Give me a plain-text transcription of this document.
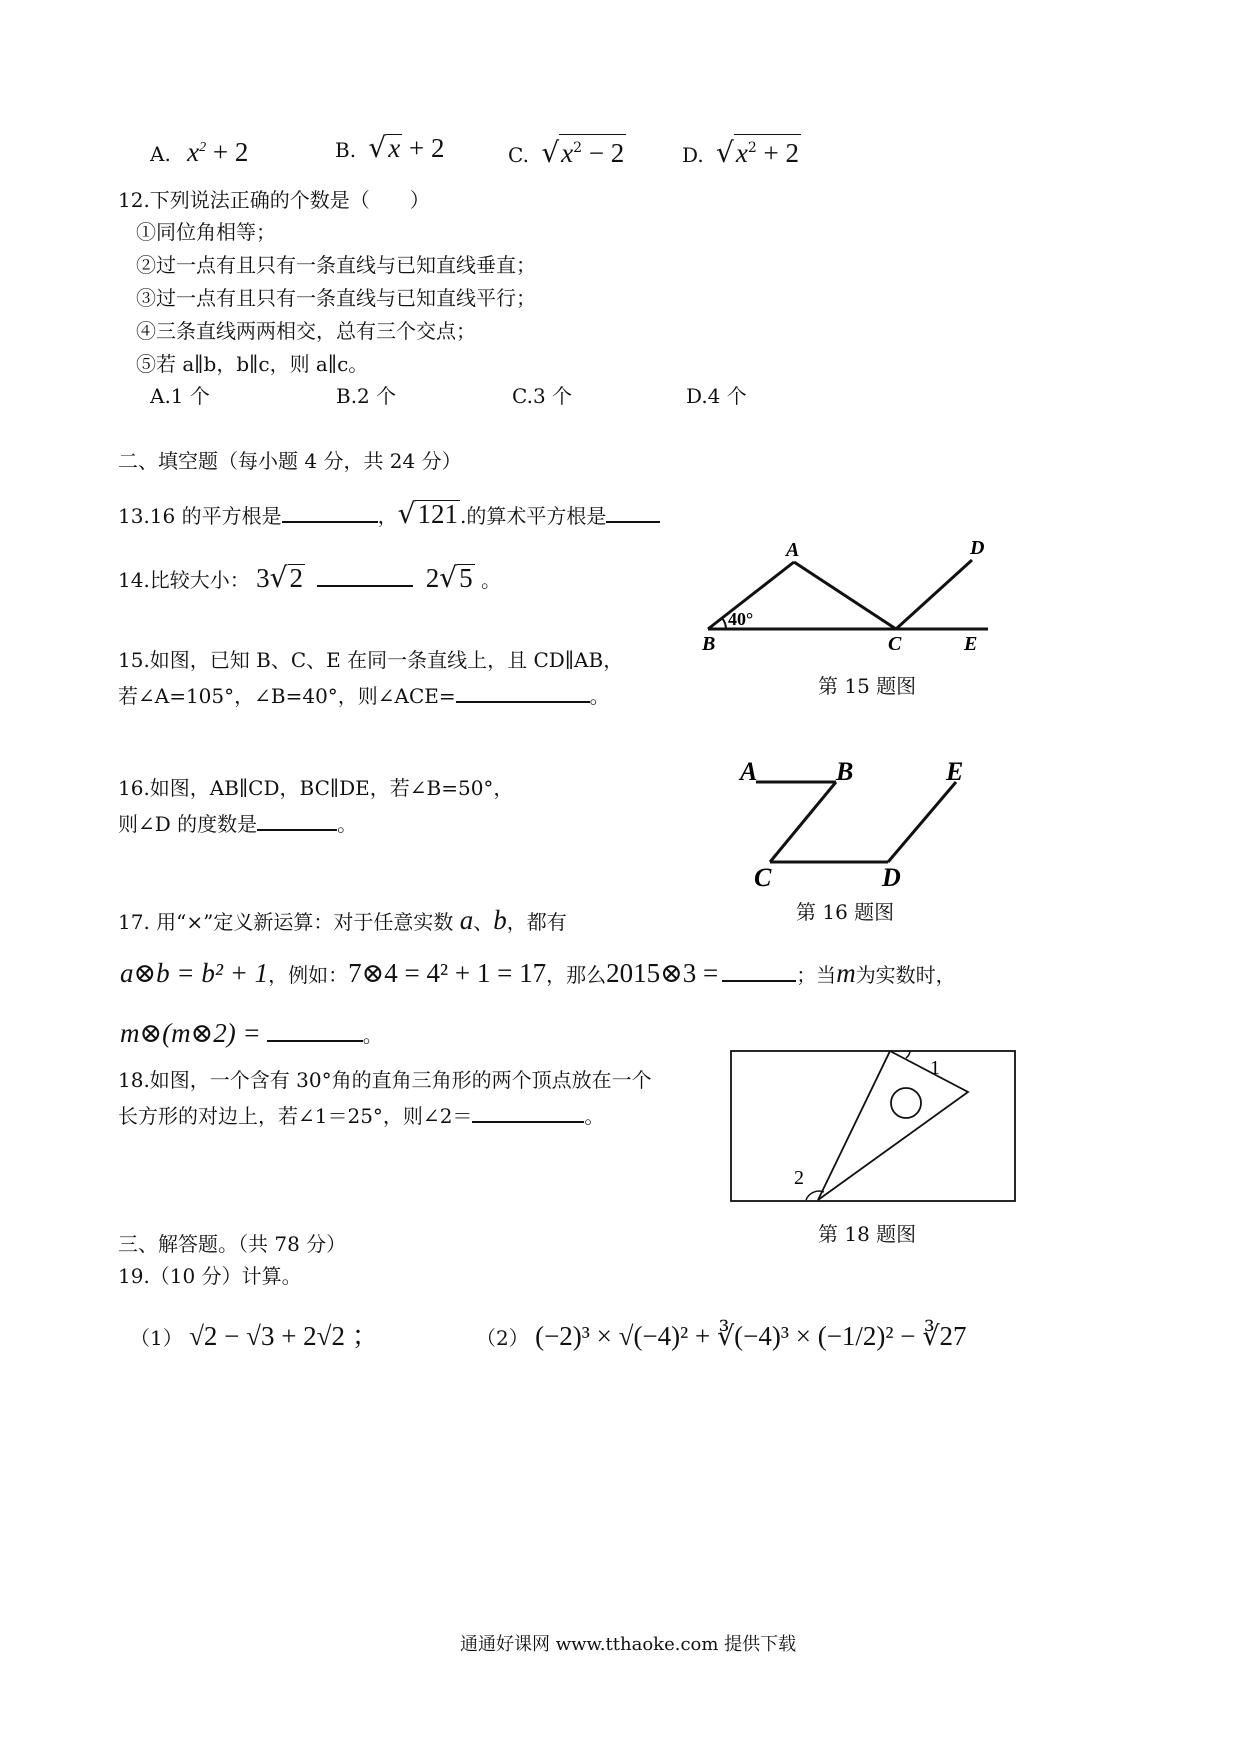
A. $x^2 + 2$	B. √x + 2	C. $√x^2 - 2$	D. $√x^2 + 2$
12.下列说法正确的个数是（　　）
①同位角相等；
②过一点有且只有一条直线与已知直线垂直；
③过一点有且只有一条直线与已知直线平行；
④三条直线两两相交，总有三个交点；
⑤若 a∥b，b∥c，则 a∥c。
A.1 个	B.2 个	C.3 个	D.4 个
二、填空题（每小题 4 分，共 24 分）
13.16 的平方根是	，√121 .的算术平方根是
14.比较大小： 3√2	2√5 。
A
B	C
D
E
40°
第 15 题图
15.如图，已知 B、C、E 在同一条直线上，且 CD∥AB，
若∠A=105°，∠B=40°，则∠ACE=	。
A	B
C	D
E
第 16 题图
16.如图，AB∥CD，BC∥DE，若∠B=50°，
则∠D 的度数是	。
17. 用“×”定义新运算：对于任意实数 a、b，都有
a⊗b = b² + 1，例如：7⊗4 = 4² + 1 = 17，那么2015⊗3 =	；当m为实数时，
m⊗(m⊗2) =	。
1
2
第 18 题图
18.如图，一个含有 30°角的直角三角形的两个顶点放在一个
长方形的对边上，若∠1＝25°，则∠2＝	。
三、解答题。（共 78 分）
19.（10 分）计算。
（1） √2 − √3 + 2√2 ；	（2） (−2)³ × √(−4)² + ∛(−4)³ × (−1/2)² − ∛27
通通好课网 www.tthaoke.com 提供下载
